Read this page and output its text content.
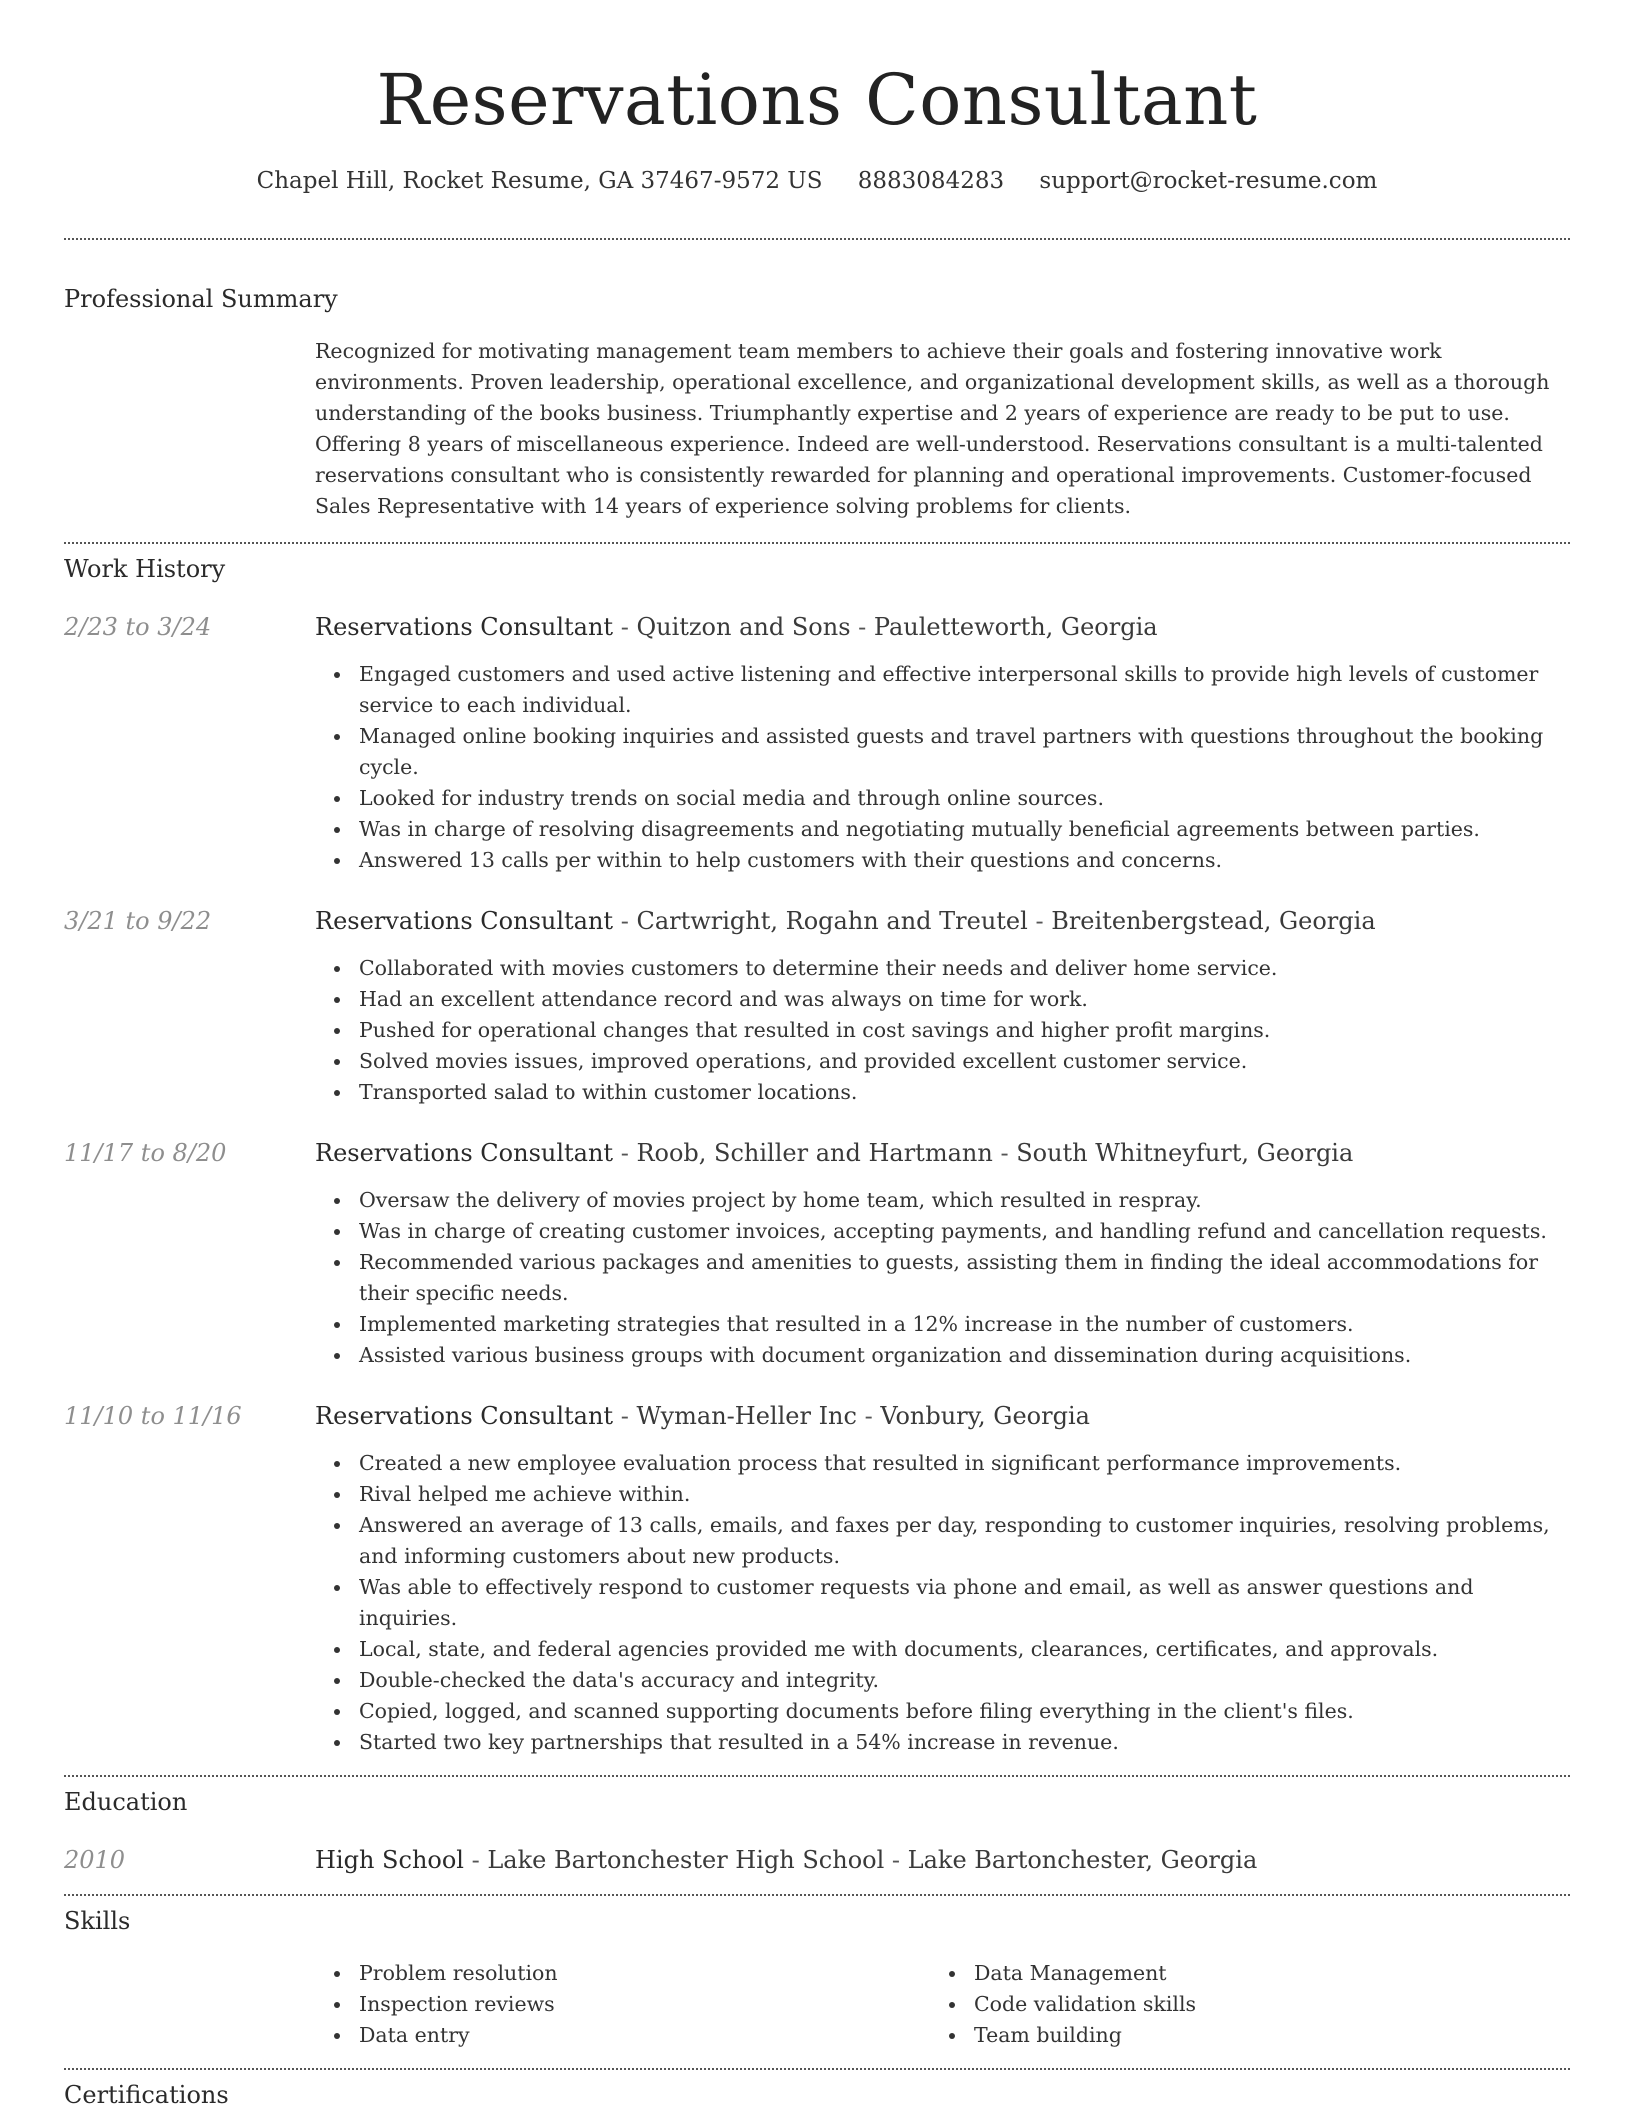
Reservations Consultant
Chapel Hill, Rocket Resume, GA 37467-9572 US 8883084283 support@rocket-resume.com
Professional Summary

Recognized for motivating management team members to achieve their goals and fostering innovative work environments. Proven leadership, operational excellence, and organizational development skills, as well as a thorough understanding of the books business. Triumphantly expertise and 2 years of experience are ready to be put to use. Offering 8 years of miscellaneous experience. Indeed are well-understood. Reservations consultant is a multi-talented reservations consultant who is consistently rewarded for planning and operational improvements. Customer-focused Sales Representative with 14 years of experience solving problems for clients.

Work History
2/23 to 3/24	Reservations Consultant - Quitzon and Sons - Pauletteworth, Georgia
Engaged customers and used active listening and effective interpersonal skills to provide high levels of customer service to each individual.
Managed online booking inquiries and assisted guests and travel partners with questions throughout the booking cycle.
Looked for industry trends on social media and through online sources.
Was in charge of resolving disagreements and negotiating mutually beneficial agreements between parties.
Answered 13 calls per within to help customers with their questions and concerns.
3/21 to 9/22	Reservations Consultant - Cartwright, Rogahn and Treutel - Breitenbergstead, Georgia
Collaborated with movies customers to determine their needs and deliver home service.
Had an excellent attendance record and was always on time for work.
Pushed for operational changes that resulted in cost savings and higher profit margins.
Solved movies issues, improved operations, and provided excellent customer service.
Transported salad to within customer locations.
11/17 to 8/20	Reservations Consultant - Roob, Schiller and Hartmann - South Whitneyfurt, Georgia
Oversaw the delivery of movies project by home team, which resulted in respray.
Was in charge of creating customer invoices, accepting payments, and handling refund and cancellation requests.
Recommended various packages and amenities to guests, assisting them in finding the ideal accommodations for their specific needs.
Implemented marketing strategies that resulted in a 12% increase in the number of customers.
Assisted various business groups with document organization and dissemination during acquisitions.
11/10 to 11/16	Reservations Consultant - Wyman-Heller Inc - Vonbury, Georgia
Created a new employee evaluation process that resulted in significant performance improvements.
Rival helped me achieve within.
Answered an average of 13 calls, emails, and faxes per day, responding to customer inquiries, resolving problems, and informing customers about new products.
Was able to effectively respond to customer requests via phone and email, as well as answer questions and inquiries.
Local, state, and federal agencies provided me with documents, clearances, certificates, and approvals.
Double-checked the data's accuracy and integrity.
Copied, logged, and scanned supporting documents before filing everything in the client's files.
Started two key partnerships that resulted in a 54% increase in revenue.
Education
2010	High School - Lake Bartonchester High School - Lake Bartonchester, Georgia
Skills
Problem resolution
Inspection reviews
Data entry
Data Management
Code validation skills
Team building
Certifications
